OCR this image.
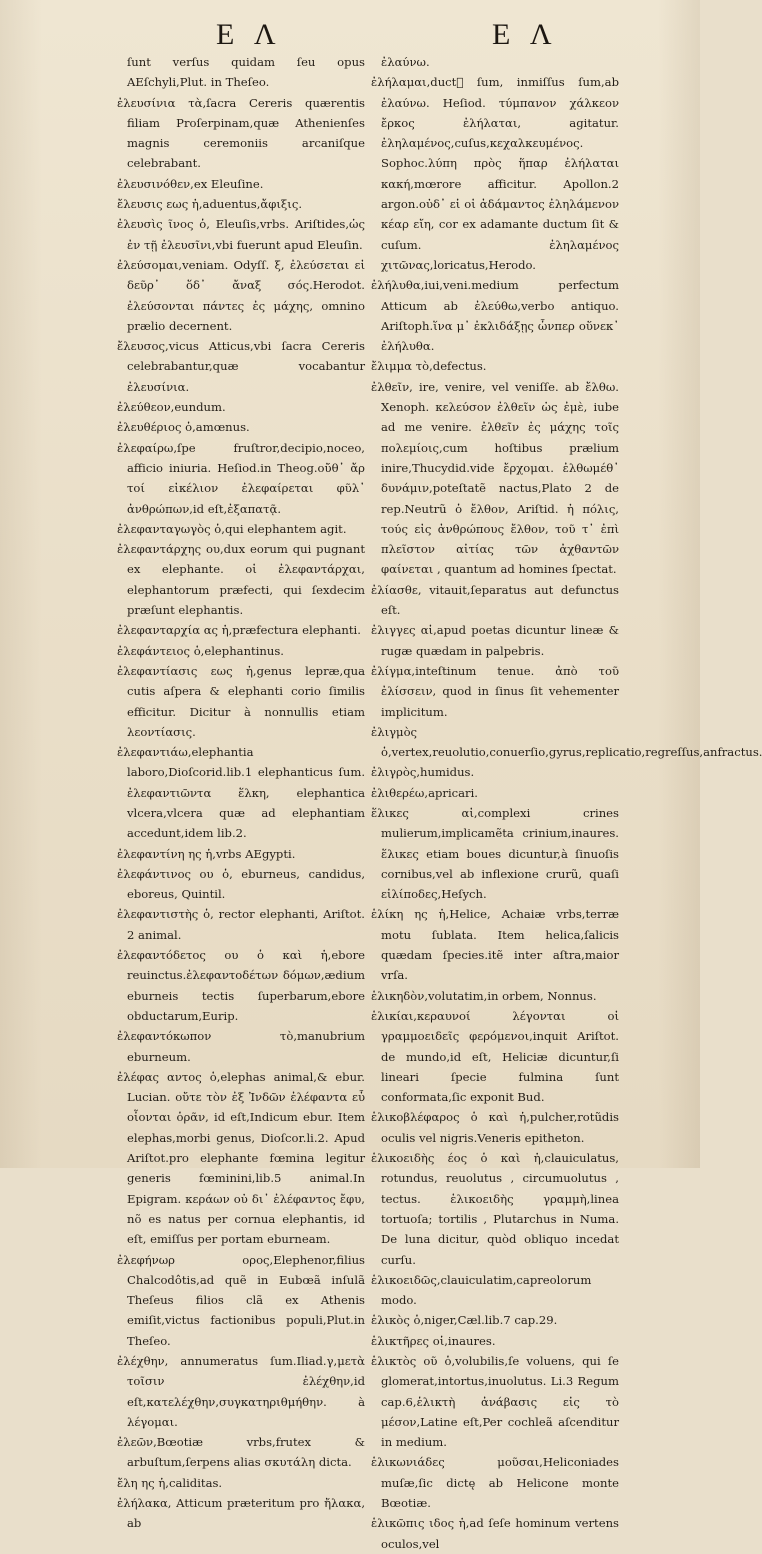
E Λ	E Λ

ſunt verſus quidam ſeu opus AEſchyli,Plut. in Theſeo.

ἐλευσίνια τὰ,ſacra Cereris quærentis filiam Proſerpinam,quæ Athenienſes magnis ceremoniis arcaniſque celebrabant.

ἐλευσινόθεν,ex Eleuſine.

ἔλευσις εως ἡ,aduentus,ἄφιξις.

ἐλευσὶς ῖνος ὁ, Eleuſis,vrbs. Ariſtides,ὡς ἐν τῇ ἐλευσῖνι,vbi fuerunt apud Eleuſin.

ἐλεύσομαι,veniam. Odyſſ. ξ, ἐλεύσεται εἰ δεῦρ᾽ ὅδ᾽ ἄναξ σός.Herodot. ἐλεύσονται πάντες ἐς μάχης, omnino prælio decernent.

ἔλευσος,vicus Atticus,vbi ſacra Cereris celebrabantur,quæ vocabantur ἐλευσίνια.

ἐλεύθεον,eundum.

ἐλευθέριος ὁ,amœnus.

ἐλεφαίρω,ſpe fruſtror,decipio,noceo, afficio iniuria. Heſiod.in Theog.οὔθ᾽ ἄρ τοί εἰκέλιον ἐλεφαίρεται φῦλ᾽ ἀνθρώπων,id eſt,ἐξαπατᾷ.

ἐλεφανταγωγὸς ὁ,qui elephantem agit.

ἐλεφαντάρχης ου,dux eorum qui pugnant ex elephante. οἱ ἐλεφαντάρχαι, elephantorum præfecti, qui ſexdecim præſunt elephantis.

ἐλεφανταρχία ας ἡ,præfectura elephanti.

ἐλεφάντειος ὁ,elephantinus.

ἐλεφαντίασις εως ἡ,genus lepræ,qua cutis aſpera & elephanti corio ſimilis efficitur. Dicitur à nonnullis etiam λεοντίασις.

ἐλεφαντιάω,elephantia laboro,Dioſcorid.lib.1 elephanticus ſum. ἐλεφαντιῶντα ἕλκη, elephantica vlcera,vlcera quæ ad elephantiam accedunt,idem lib.2.

ἐλεφαντίνη ης ἡ,vrbs AEgypti.

ἐλεφάντινος ου ὁ, eburneus, candidus, eboreus, Quintil.

ἐλεφαντιστὴς ὁ, rector elephanti, Ariſtot. 2 animal.

ἐλεφαντόδετος ου ὁ καὶ ἡ,ebore reuinctus.ἐλεφαντοδέτων δόμων,ædium eburneis tectis ſuperbarum,ebore obductarum,Eurip.

ἐλεφαντόκωπον τὸ,manubrium eburneum.

ἐλέφας αντος ὁ,elephas animal,& ebur. Lucian. οὔτε τὸν ἐξ Ἰνδῶν ἐλέφαντα εὖ οἶονται ὁρᾶν, id eſt,Indicum ebur. Item elephas,morbi genus, Dioſcor.li.2. Apud Ariſtot.pro elephante fœmina legitur generis fœminini,lib.5 animal.In Epigram. κεράων οὐ δι᾽ ἐλέφαντος ἔφυ, nõ es natus per cornua elephantis, id eſt, emiſſus per portam eburneam.

ἐλεφήνωρ ορος,Elephenor,filius Chalcodôtis,ad quẽ in Eubœã inſulã Theſeus filios clã ex Athenis emiſit,victus factionibus populi,Plut.in Theſeo.

ἐλέχθην, annumeratus ſum.Iliad.γ,μετὰ τοῖσιν ἐλέχθην,id eſt,κατελέχθην,συγκατηριθμήθην. à λέγομαι.

ἐλεῶν,Bœotiæ vrbs,frutex & arbuſtum,ſerpens alias σκυτάλη dicta.

ἔλη ης ἡ,caliditas.

ἐλήλακα, Atticum præteritum pro ἤλακα, ab

ἐλαύνω.

ἐλήλαμαι,duct᷑ ſum, inmiſſus ſum,ab ἐλαύνω. Heſiod. τύμπανον χάλκεον ἔρκος ἐλήλαται, agitatur. ἐληλαμένος,cuſus,κεχαλκευμένος. Sophoc.λύπη πρὸς ἥπαρ ἐλήλαται κακή,mœrore afficitur. Apollon.2 argon.οὐδ᾽ εἰ οἱ ἀδάμαντος ἐληλάμενον κέαρ εἴη, cor ex adamante ductum ſit & cuſum. ἐληλαμένος χιτῶνας,loricatus,Herodo.

ἐλήλυθα,iui,veni.medium perfectum Atticum ab ἐλεύθω,verbo antiquo. Ariſtoph.ἵνα μ᾽ ἐκλιδάξῃς ὧνπερ οὕνεκ᾽ ἐλήλυθα.

ἔλιμμα τὸ,defectus.

ἐλθεῖν, ire, venire, vel veniſſe. ab ἔλθω. Xenoph. κελεύσον ἐλθεῖν ὡς ἐμὲ, iube ad me venire. ἐλθεῖν ἐς μάχης τοῖς πολεμίοις,cum hoſtibus prælium inire,Thucydid.vide ἔρχομαι. ἐλθωμέθ᾽ δυνάμιν,poteſtatẽ nactus,Plato 2 de rep.Neutrũ ὁ ἔλθον, Ariſtid. ἡ πόλις, τούς εἰς ἀνθρώπους ἔλθον, τοῦ τ᾽ ἐπὶ πλεῖστον αἰτίας τῶν ἀχθαντῶν φαίνεται , quantum ad homines ſpectat.

ἐλίασθε, vitauit,ſeparatus aut defunctus eſt.

ἐλιγγες αἱ,apud poetas dicuntur lineæ & rugæ quædam in palpebris.

ἐλίγμα,inteſtinum tenue. ἀπὸ τοῦ ἐλίσσειν, quod in ſinus ſit vehementer implicitum.

ἐλιγμὸς ὁ,vertex,reuolutio,conuerſio,gyrus,replicatio,regreſſus,anfractus.

ἐλιγρὸς,humidus.

ἐλιθερέω,apricari.

ἕλικες αἱ,complexi crines mulierum,implicamẽta crinium,inaures. ἕλικες etiam boues dicuntur,à ſinuoſis cornibus,vel ab inflexione crurũ, quaſi εἰλίποδες,Heſych.

ἑλίκη ης ἡ,Helice, Achaiæ vrbs,terræ motu ſublata. Item helica,ſalicis quædam ſpecies.itẽ inter aſtra,maior vrſa.

ἑλικηδὸν,volutatim,in orbem, Nonnus.

ἑλικίαι,κεραυνοί λέγονται οἱ γραμμοειδεῖς φερόμενοι,inquit Ariſtot. de mundo,id eſt, Heliciæ dicuntur,ſi lineari ſpecie fulmina ſunt conformata,ſic exponit Bud.

ἑλικοβλέφαρος ὁ καὶ ἡ,pulcher,rotũdis oculis vel nigris.Veneris epitheton.

ἑλικοειδὴς έος ὁ καὶ ἡ,clauiculatus, rotundus, reuolutus , circumuolutus , tectus. ἑλικοειδὴς γραμμὴ,linea tortuoſa; tortilis , Plutarchus in Numa. De luna dicitur, quòd obliquo incedat curſu.

ἑλικοειδῶς,clauiculatim,capreolorum modo.

ἑλικὸς ὁ,niger,Cæl.lib.7 cap.29.

ἑλικτῆρες οἱ,inaures.

ἑλικτὸς οῦ ὁ,volubilis,ſe voluens, qui ſe glomerat,intortus,inuolutus. Li.3 Regum cap.6,ἑλικτὴ ἀνάβασις εἰς τὸ μέσον,Latine eſt,Per cochleã aſcenditur in medium.

ἑλικωνιάδες μοῦσαι,Heliconiades muſæ,ſic dictę ab Helicone monte Bœotiæ.

ἑλικῶπις ιδος ἡ,ad ſeſe hominum vertens oculos,vel
